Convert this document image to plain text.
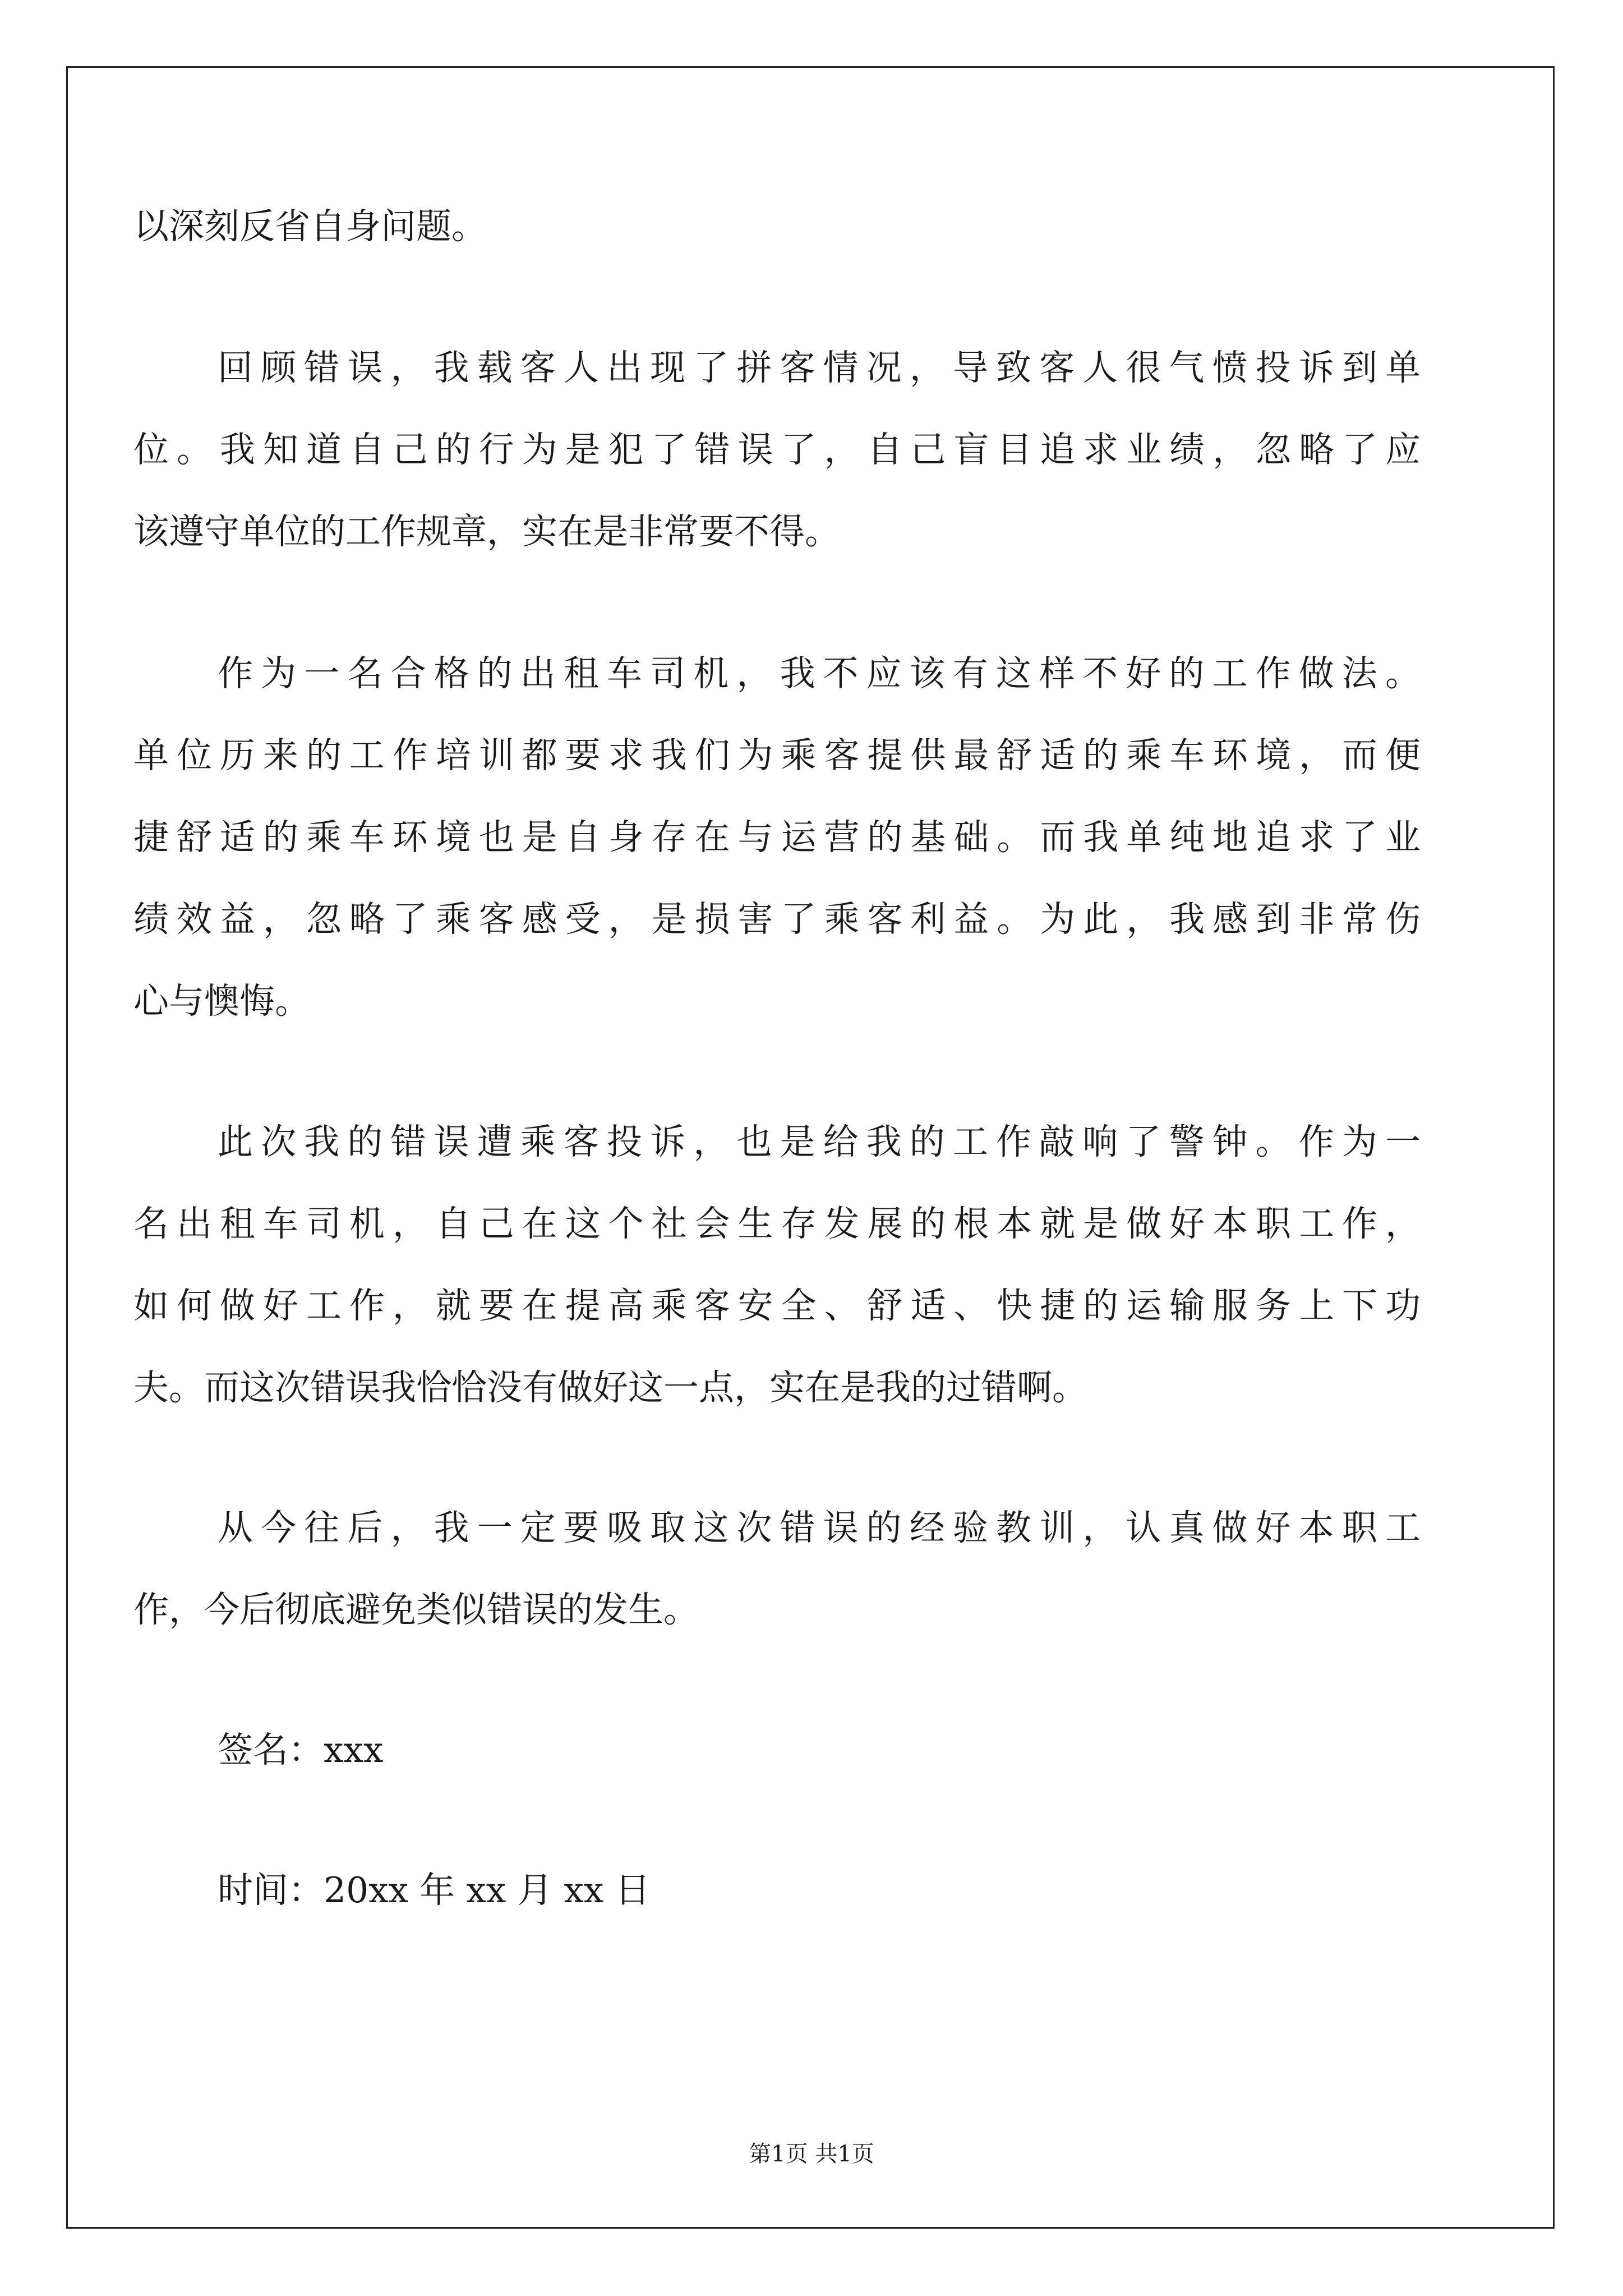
以深刻反省自身问题。
回顾错误，我载客人出现了拼客情况，导致客人很气愤投诉到单
位。我知道自己的行为是犯了错误了，自己盲目追求业绩，忽略了应
该遵守单位的工作规章，实在是非常要不得。
作为一名合格的出租车司机，我不应该有这样不好的工作做法。
单位历来的工作培训都要求我们为乘客提供最舒适的乘车环境，而便
捷舒适的乘车环境也是自身存在与运营的基础。而我单纯地追求了业
绩效益，忽略了乘客感受，是损害了乘客利益。为此，我感到非常伤
心与懊悔。
此次我的错误遭乘客投诉，也是给我的工作敲响了警钟。作为一
名出租车司机，自己在这个社会生存发展的根本就是做好本职工作，
如何做好工作，就要在提高乘客安全、舒适、快捷的运输服务上下功
夫。而这次错误我恰恰没有做好这一点，实在是我的过错啊。
从今往后，我一定要吸取这次错误的经验教训，认真做好本职工
作，今后彻底避免类似错误的发生。
签名：xxx
时间：20xx 年 xx 月 xx 日
第1页 共1页
